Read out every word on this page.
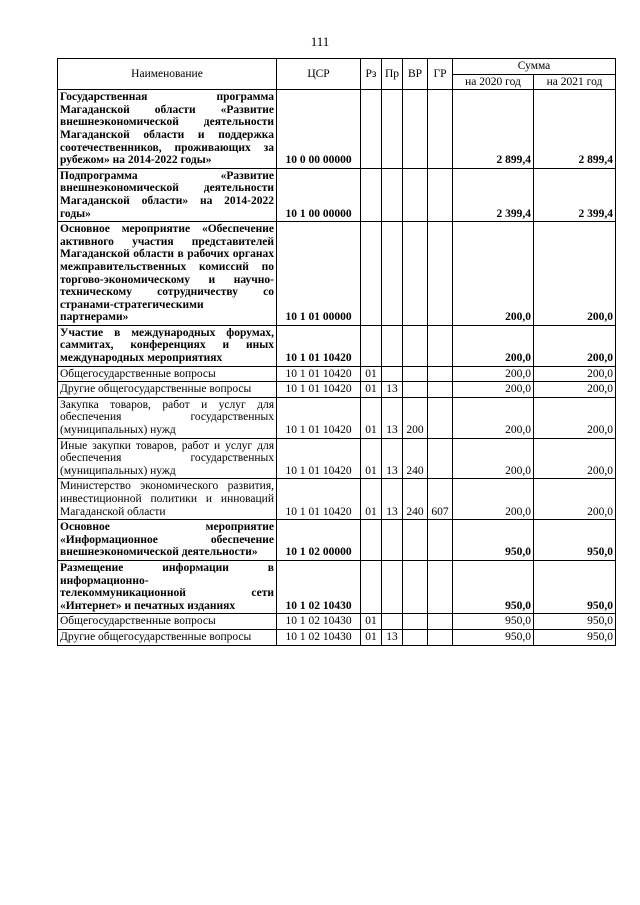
111
Наименование	ЦСР	Рз	Пр	ВР	ГР	Сумма	
						на 2020 год	на 2021 год
Государственная программа Магаданской области «Развитие внешнеэкономической деятельности Магаданской области и поддержка соотечественников, проживающих за рубежом» на 2014-2022 годы»	10 0 00 00000					2 899,4	2 899,4
Подпрограмма «Развитие внешнеэкономической деятельности Магаданской области» на 2014-2022 годы»	10 1 00 00000					2 399,4	2 399,4
Основное мероприятие «Обеспечение активного участия представителей Магаданской области в рабочих органах межправительственных комиссий по торгово-экономическому и научно-техническому сотрудничеству со странами-стратегическими партнерами»	10 1 01 00000					200,0	200,0
Участие в международных форумах, саммитах, конференциях и иных международных мероприятиях	10 1 01 10420					200,0	200,0
Общегосударственные вопросы	10 1 01 10420	01				200,0	200,0
Другие общегосударственные вопросы	10 1 01 10420	01	13			200,0	200,0
Закупка товаров, работ и услуг для обеспечения государственных (муниципальных) нужд	10 1 01 10420	01	13	200		200,0	200,0
Иные закупки товаров, работ и услуг для обеспечения государственных (муниципальных) нужд	10 1 01 10420	01	13	240		200,0	200,0
Министерство экономического развития, инвестиционной политики и инноваций Магаданской области	10 1 01 10420	01	13	240	607	200,0	200,0
Основное мероприятие «Информационное обеспечение внешнеэкономической деятельности»	10 1 02 00000					950,0	950,0
Размещение информации в информационно-телекоммуникационной сети «Интернет» и печатных изданиях	10 1 02 10430					950,0	950,0
Общегосударственные вопросы	10 1 02 10430	01				950,0	950,0
Другие общегосударственные вопросы	10 1 02 10430	01	13			950,0	950,0
